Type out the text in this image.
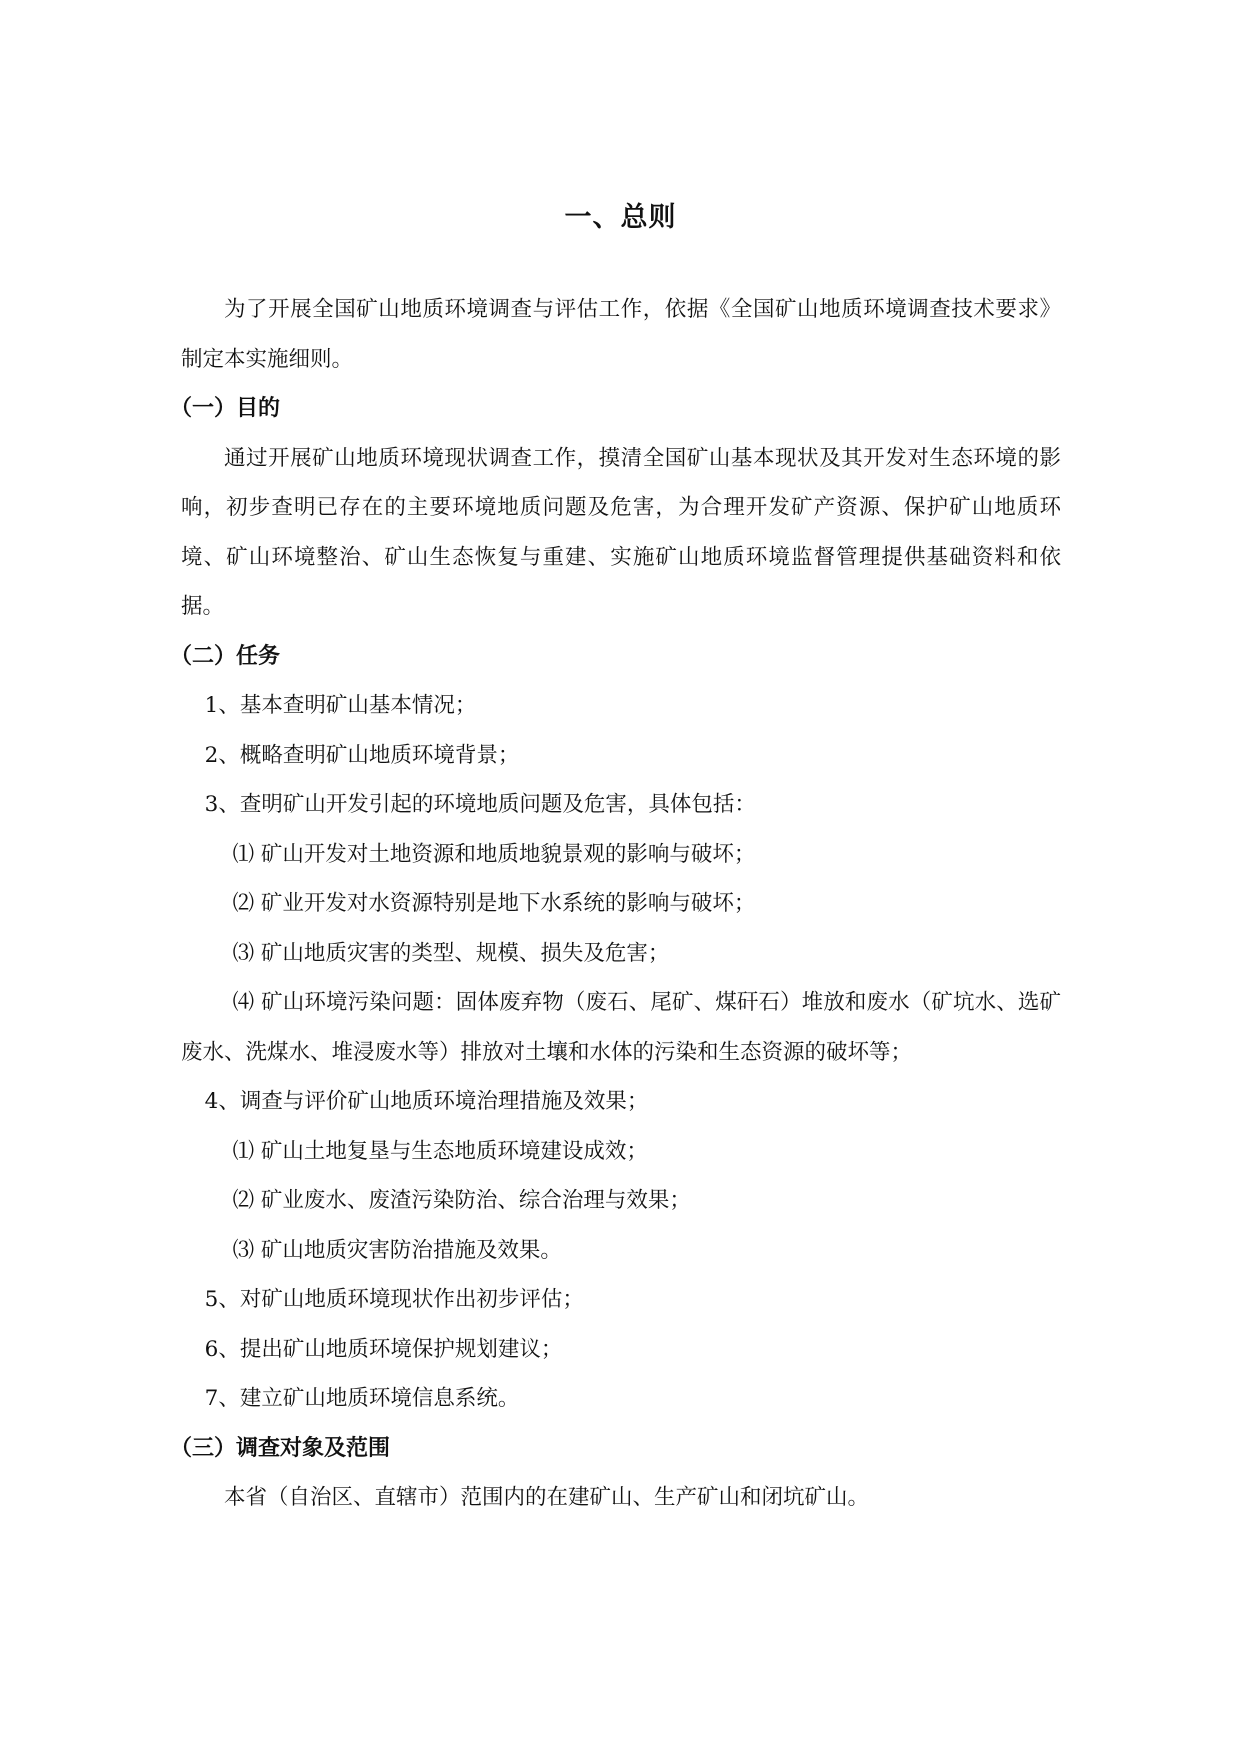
一、总则

为了开展全国矿山地质环境调查与评估工作，依据《全国矿山地质环境调查技术要求》制定本实施细则。

（一）目的

通过开展矿山地质环境现状调查工作，摸清全国矿山基本现状及其开发对生态环境的影响，初步查明已存在的主要环境地质问题及危害，为合理开发矿产资源、保护矿山地质环境、矿山环境整治、矿山生态恢复与重建、实施矿山地质环境监督管理提供基础资料和依据。

（二）任务

1、基本查明矿山基本情况；

2、概略查明矿山地质环境背景；

3、查明矿山开发引起的环境地质问题及危害，具体包括：

⑴ 矿山开发对土地资源和地质地貌景观的影响与破坏；

⑵ 矿业开发对水资源特别是地下水系统的影响与破坏；

⑶ 矿山地质灾害的类型、规模、损失及危害；

⑷ 矿山环境污染问题：固体废弃物（废石、尾矿、煤矸石）堆放和废水（矿坑水、选矿废水、洗煤水、堆浸废水等）排放对土壤和水体的污染和生态资源的破坏等；

4、调查与评价矿山地质环境治理措施及效果；

⑴ 矿山土地复垦与生态地质环境建设成效；

⑵ 矿业废水、废渣污染防治、综合治理与效果；

⑶ 矿山地质灾害防治措施及效果。

5、对矿山地质环境现状作出初步评估；

6、提出矿山地质环境保护规划建议；

7、建立矿山地质环境信息系统。

（三）调查对象及范围

本省（自治区、直辖市）范围内的在建矿山、生产矿山和闭坑矿山。
